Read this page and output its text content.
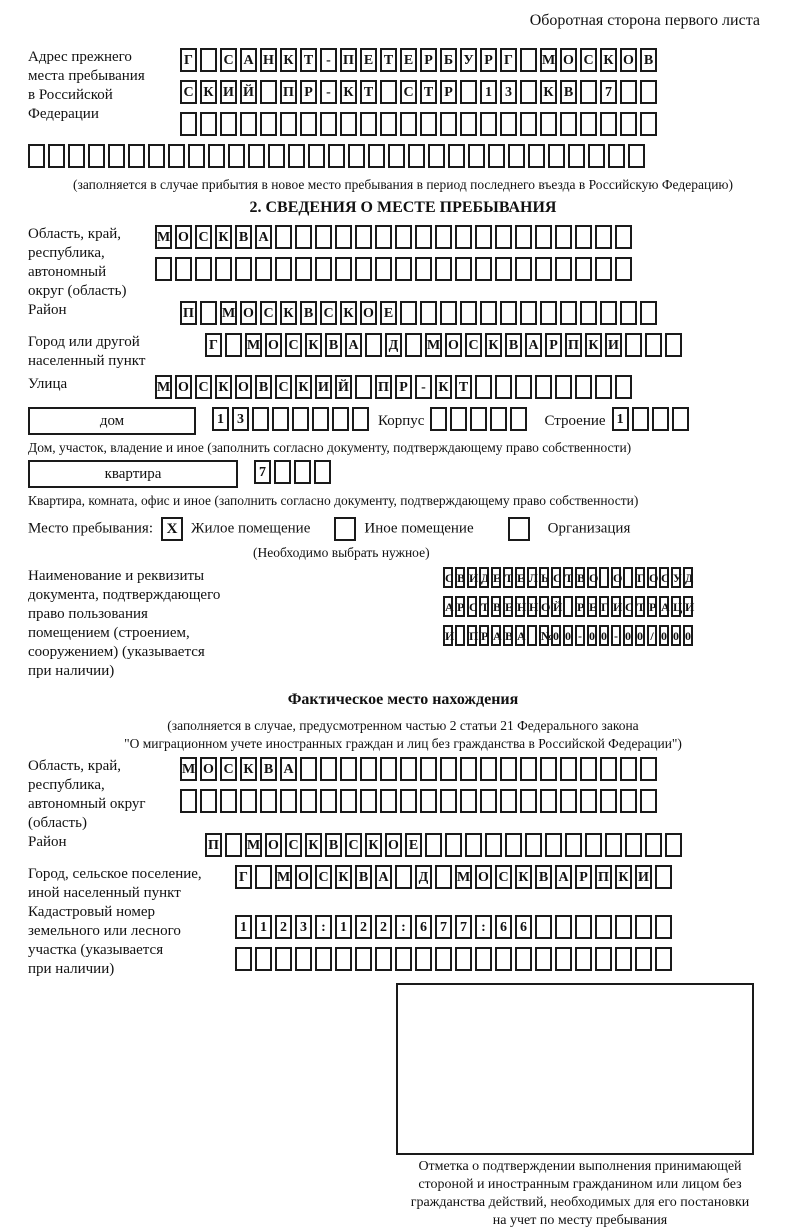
Оборотная сторона первого листа
Адрес прежнего
места пребывания
в Российской
Федерации
Г С А Н К Т - П Е Т Е Р Б У Р Г М О С К О В
С К И Й П Р - К Т С Т Р 1 3 К В 7
(заполняется в случае прибытия в новое место пребывания в период последнего въезда в Российскую Федерацию)
2. СВЕДЕНИЯ О МЕСТЕ ПРЕБЫВАНИЯ
Область, край,
республика,
автономный
округ (область)
М О С К В А
Район	П М О С К В С К О Е
Город или другой
населенный пункт
Г М О С К В А Д М О С К В А Р П К И
Улица	М О С К О В С К И Й П Р - К Т
дом	1 3	Корпус	Строение 1
Дом, участок, владение и иное (заполнить согласно документу, подтверждающему право собственности)
квартира	7
Квартира, комната, офис и иное (заполнить согласно документу, подтверждающему право собственности)
Место пребывания: X Жилое помещение	Иное помещение	Организация
(Необходимо выбрать нужное)
Наименование и реквизиты
документа, подтверждающего
право пользования
помещением (строением,
сооружением) (указывается
при наличии)
С В И Д Е Т Е Л Ь С Т В О О Г О С У Д
А Р С Т В Е Н Н О Й Р Е Г И С Т Р А Ц И
И П Р А В А №0 0 - 0 0 - 0 0 / 0 0 0
Фактическое место нахождения
(заполняется в случае, предусмотренном частью 2 статьи 21 Федерального закона
"О миграционном учете иностранных граждан и лиц без гражданства в Российской Федерации")
Область, край,
республика,
автономный округ
(область)
М О С К В А
Район	П М О С К В С К О Е
Город, сельское поселение,
иной населенный пункт
Г М О С К В А Д М О С К В А Р П К И
Кадастровый номер
земельного или лесного
участка (указывается
при наличии)
1 1 2 3 : 1 2 2 : 6 7 7 : 6 6
Отметка о подтверждении выполнения принимающей
стороной и иностранным гражданином или лицом без
гражданства действий, необходимых для его постановки
на учет по месту пребывания
